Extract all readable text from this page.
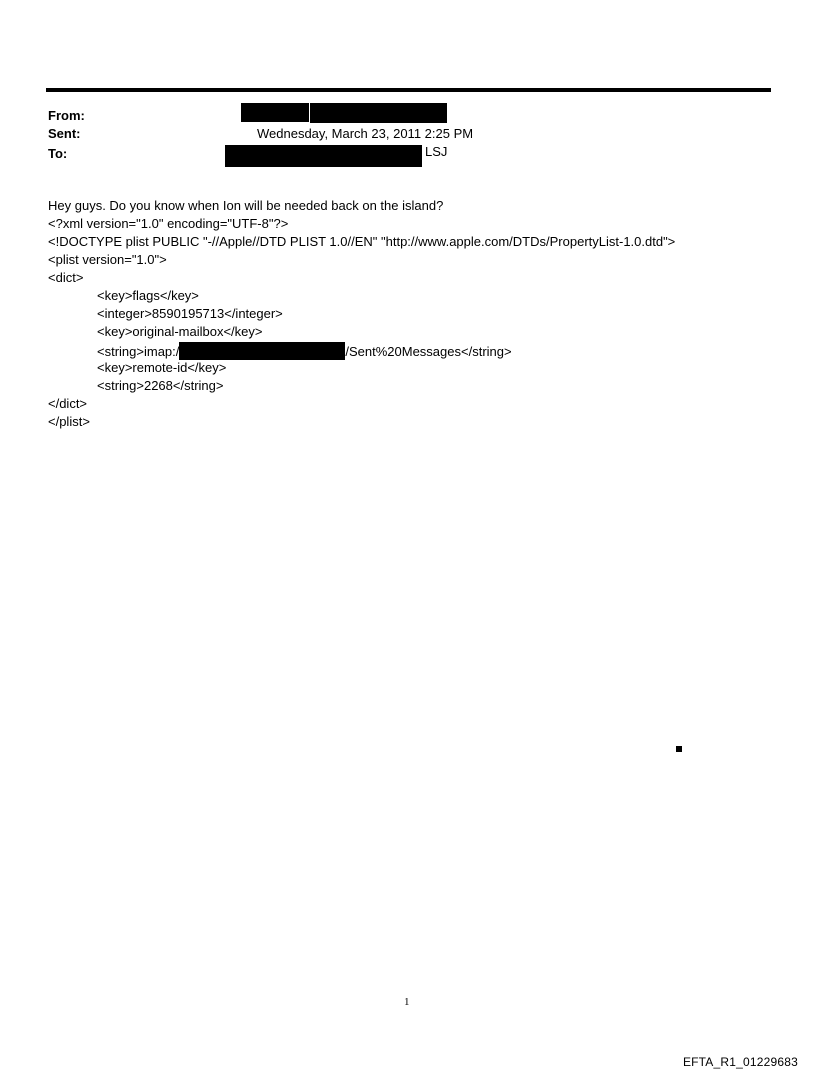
From:
Sent:	Wednesday, March 23, 2011 2:25 PM
To:	LSJ
Hey guys. Do you know when Ion will be needed back on the island?
<?xml version="1.0" encoding="UTF-8"?>
<!DOCTYPE plist PUBLIC "-//Apple//DTD PLIST 1.0//EN" "http://www.apple.com/DTDs/PropertyList-1.0.dtd">
<plist version="1.0">
<dict>
<key>flags</key>
<integer>8590195713</integer>
<key>original-mailbox</key>
<string>imap:/	/Sent%20Messages</string>
<key>remote-id</key>
<string>2268</string>
</dict>
</plist>
1
EFTA_R1_01229683
